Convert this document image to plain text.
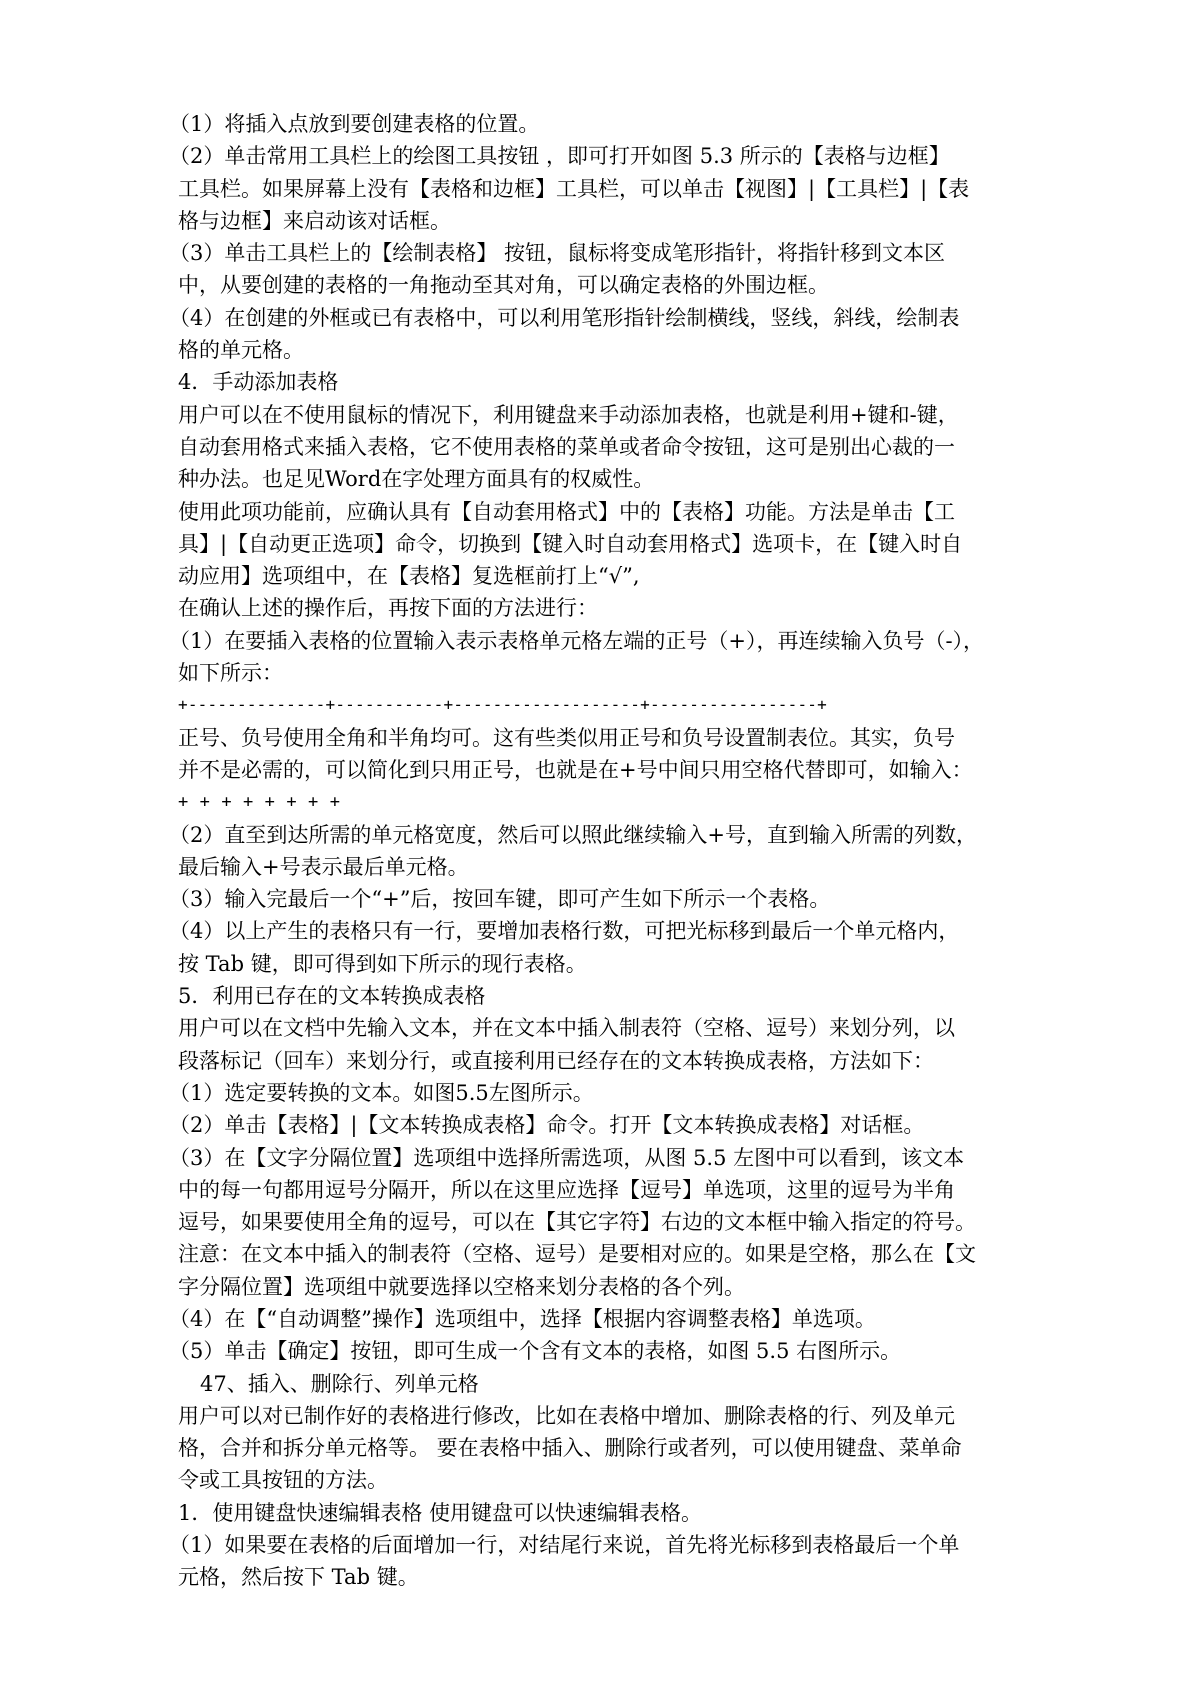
（1）将插入点放到要创建表格的位置。
（2）单击常用工具栏上的绘图工具按钮 ，即可打开如图 5.3 所示的【表格与边框】
工具栏。如果屏幕上没有【表格和边框】工具栏，可以单击【视图】|【工具栏】|【表
格与边框】来启动该对话框。
（3）单击工具栏上的【绘制表格】 按钮，鼠标将变成笔形指针，将指针移到文本区
中，从要创建的表格的一角拖动至其对角，可以确定表格的外围边框。
（4）在创建的外框或已有表格中，可以利用笔形指针绘制横线，竖线，斜线，绘制表
格的单元格。
4．手动添加表格
用户可以在不使用鼠标的情况下，利用键盘来手动添加表格，也就是利用+键和-键，
自动套用格式来插入表格，它不使用表格的菜单或者命令按钮，这可是别出心裁的一
种办法。也足见Word在字处理方面具有的权威性。
使用此项功能前，应确认具有【自动套用格式】中的【表格】功能。方法是单击【工
具】|【自动更正选项】命令，切换到【键入时自动套用格式】选项卡，在【键入时自
动应用】选项组中，在【表格】复选框前打上“√”,
在确认上述的操作后，再按下面的方法进行：
（1）在要插入表格的位置输入表示表格单元格左端的正号（+），再连续输入负号（-），
如下所示：
+--------------+-----------+-------------------+-----------------+
正号、负号使用全角和半角均可。这有些类似用正号和负号设置制表位。其实，负号
并不是必需的，可以简化到只用正号，也就是在+号中间只用空格代替即可，如输入：
+ + + + + + + +
（2）直至到达所需的单元格宽度，然后可以照此继续输入+号，直到输入所需的列数，
最后输入+号表示最后单元格。
（3）输入完最后一个“+”后，按回车键，即可产生如下所示一个表格。
（4）以上产生的表格只有一行，要增加表格行数，可把光标移到最后一个单元格内，
按 Tab 键，即可得到如下所示的现行表格。
5．利用已存在的文本转换成表格
用户可以在文档中先输入文本，并在文本中插入制表符（空格、逗号）来划分列，以
段落标记（回车）来划分行，或直接利用已经存在的文本转换成表格，方法如下：
（1）选定要转换的文本。如图5.5左图所示。
（2）单击【表格】|【文本转换成表格】命令。打开【文本转换成表格】对话框。
（3）在【文字分隔位置】选项组中选择所需选项，从图 5.5 左图中可以看到，该文本
中的每一句都用逗号分隔开，所以在这里应选择【逗号】单选项，这里的逗号为半角
逗号，如果要使用全角的逗号，可以在【其它字符】右边的文本框中输入指定的符号。
注意：在文本中插入的制表符（空格、逗号）是要相对应的。如果是空格，那么在【文
字分隔位置】选项组中就要选择以空格来划分表格的各个列。
（4）在【“自动调整”操作】选项组中，选择【根据内容调整表格】单选项。
（5）单击【确定】按钮，即可生成一个含有文本的表格，如图 5.5 右图所示。
47、插入、删除行、列单元格
用户可以对已制作好的表格进行修改，比如在表格中增加、删除表格的行、列及单元
格，合并和拆分单元格等。 要在表格中插入、删除行或者列，可以使用键盘、菜单命
令或工具按钮的方法。
1．使用键盘快速编辑表格 使用键盘可以快速编辑表格。
（1）如果要在表格的后面增加一行，对结尾行来说，首先将光标移到表格最后一个单
元格，然后按下 Tab 键。
